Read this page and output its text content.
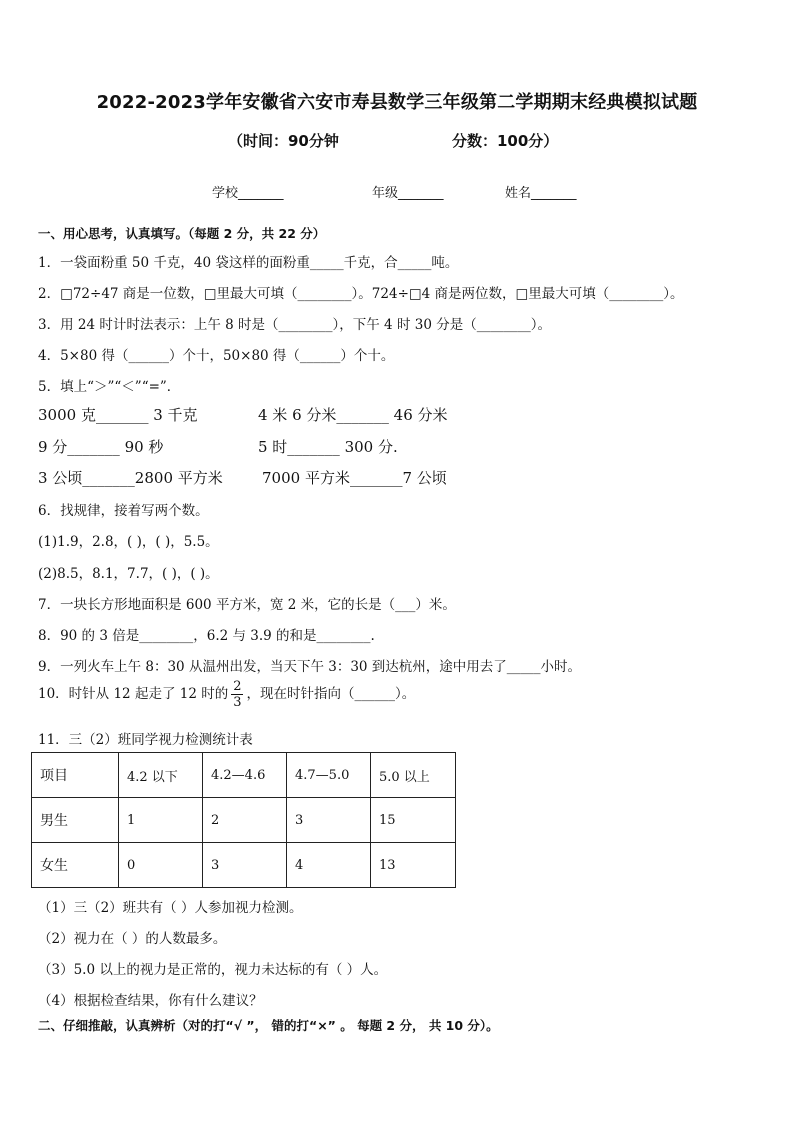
2022-2023学年安徽省六安市寿县数学三年级第二学期期末经典模拟试题
（时间：90分钟	分数：100分）
学校_______	年级_______	姓名_______
一、用心思考，认真填写。（每题 2 分，共 22 分）
1．一袋面粉重 50 千克，40 袋这样的面粉重_____千克，合_____吨。
2．□72÷47 商是一位数，□里最大可填（________）。724÷□4 商是两位数，□里最大可填（________）。
3．用 24 时计时法表示：上午 8 时是（________），下午 4 时 30 分是（________）。
4．5×80 得（______）个十，50×80 得（______）个十。
5．填上“＞”“＜”“=”．
3000 克_______ 3 千克	4 米 6 分米_______ 46 分米
9 分_______ 90 秒	5 时_______ 300 分.
3 公顷_______2800 平方米	7000 平方米_______7 公顷
6．找规律，接着写两个数。
(1)1.9，2.8，( )，( )，5.5。
(2)8.5，8.1，7.7，( )，( )。
7．一块长方形地面积是 600 平方米，宽 2 米，它的长是（___）米。
8．90 的 3 倍是________，6.2 与 3.9 的和是________.
9．一列火车上午 8：30 从温州出发，当天下午 3：30 到达杭州，途中用去了_____小时。
10．时针从 12 起走了 12 时的 $\frac{2}{3}$ ，现在时针指向（______）。
11．三（2）班同学视力检测统计表
项目	4.2 以下	4.2—4.6	4.7—5.0	5.0 以上
男生	1	2	3	15
女生	0	3	4	13
（1）三（2）班共有（ ）人参加视力检测。
（2）视力在（ ）的人数最多。
（3）5.0 以上的视力是正常的，视力未达标的有（ ）人。
（4）根据检查结果，你有什么建议？
二、仔细推敲，认真辨析（对的打“√ ”， 错的打“×” 。 每题 2 分， 共 10 分）。
